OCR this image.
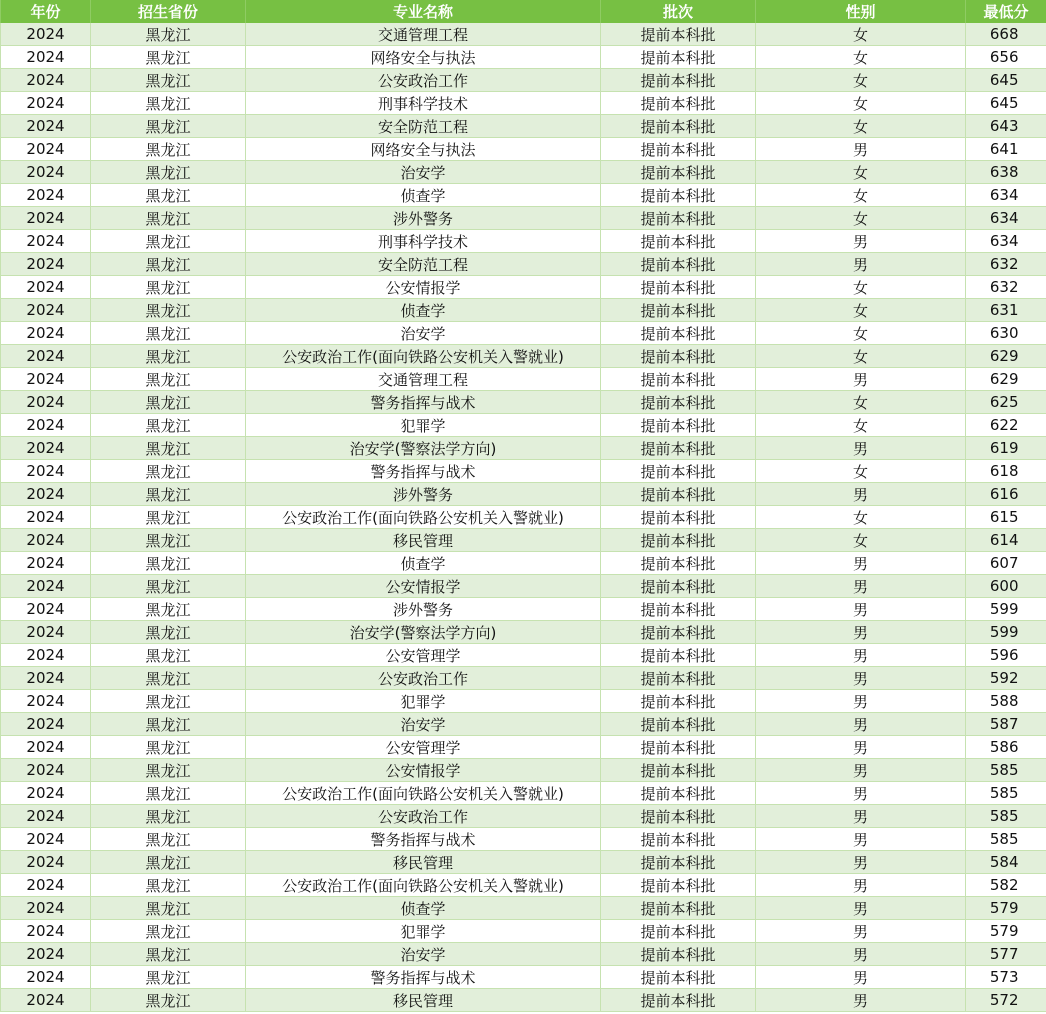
年份	招生省份	专业名称	批次	性别	最低分
2024	黑龙江	交通管理工程	提前本科批	女	668
2024	黑龙江	网络安全与执法	提前本科批	女	656
2024	黑龙江	公安政治工作	提前本科批	女	645
2024	黑龙江	刑事科学技术	提前本科批	女	645
2024	黑龙江	安全防范工程	提前本科批	女	643
2024	黑龙江	网络安全与执法	提前本科批	男	641
2024	黑龙江	治安学	提前本科批	女	638
2024	黑龙江	侦查学	提前本科批	女	634
2024	黑龙江	涉外警务	提前本科批	女	634
2024	黑龙江	刑事科学技术	提前本科批	男	634
2024	黑龙江	安全防范工程	提前本科批	男	632
2024	黑龙江	公安情报学	提前本科批	女	632
2024	黑龙江	侦查学	提前本科批	女	631
2024	黑龙江	治安学	提前本科批	女	630
2024	黑龙江	公安政治工作(面向铁路公安机关入警就业)	提前本科批	女	629
2024	黑龙江	交通管理工程	提前本科批	男	629
2024	黑龙江	警务指挥与战术	提前本科批	女	625
2024	黑龙江	犯罪学	提前本科批	女	622
2024	黑龙江	治安学(警察法学方向)	提前本科批	男	619
2024	黑龙江	警务指挥与战术	提前本科批	女	618
2024	黑龙江	涉外警务	提前本科批	男	616
2024	黑龙江	公安政治工作(面向铁路公安机关入警就业)	提前本科批	女	615
2024	黑龙江	移民管理	提前本科批	女	614
2024	黑龙江	侦查学	提前本科批	男	607
2024	黑龙江	公安情报学	提前本科批	男	600
2024	黑龙江	涉外警务	提前本科批	男	599
2024	黑龙江	治安学(警察法学方向)	提前本科批	男	599
2024	黑龙江	公安管理学	提前本科批	男	596
2024	黑龙江	公安政治工作	提前本科批	男	592
2024	黑龙江	犯罪学	提前本科批	男	588
2024	黑龙江	治安学	提前本科批	男	587
2024	黑龙江	公安管理学	提前本科批	男	586
2024	黑龙江	公安情报学	提前本科批	男	585
2024	黑龙江	公安政治工作(面向铁路公安机关入警就业)	提前本科批	男	585
2024	黑龙江	公安政治工作	提前本科批	男	585
2024	黑龙江	警务指挥与战术	提前本科批	男	585
2024	黑龙江	移民管理	提前本科批	男	584
2024	黑龙江	公安政治工作(面向铁路公安机关入警就业)	提前本科批	男	582
2024	黑龙江	侦查学	提前本科批	男	579
2024	黑龙江	犯罪学	提前本科批	男	579
2024	黑龙江	治安学	提前本科批	男	577
2024	黑龙江	警务指挥与战术	提前本科批	男	573
2024	黑龙江	移民管理	提前本科批	男	572
